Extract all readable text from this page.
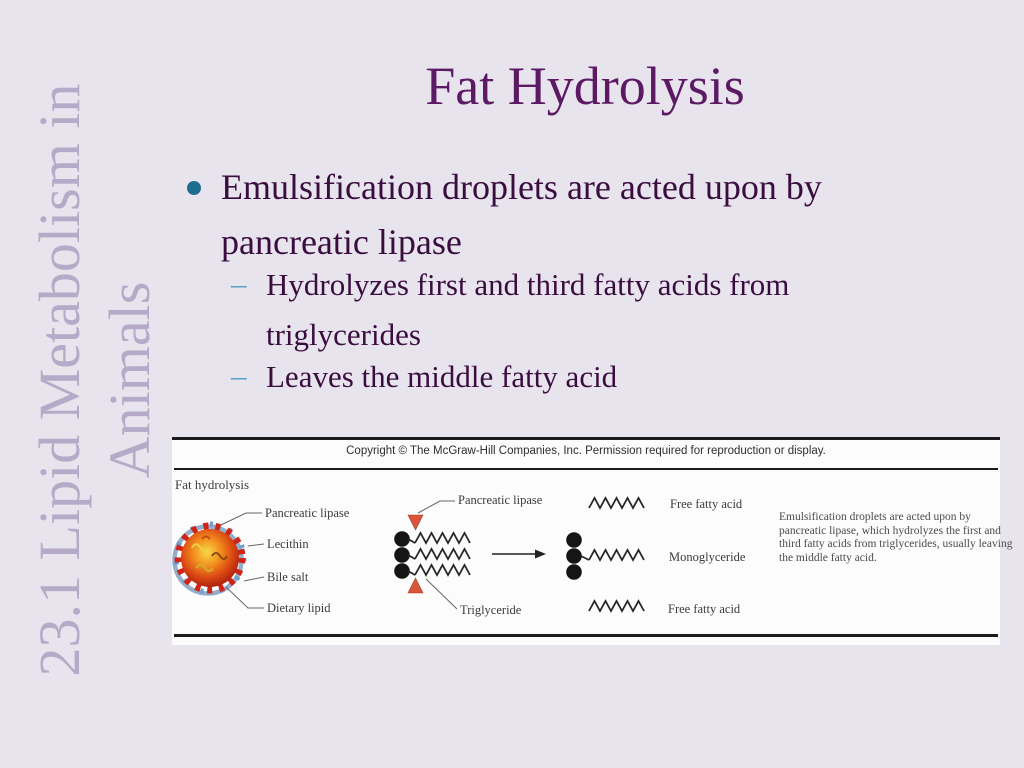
23.1 Lipid Metabolism in Animals
Fat Hydrolysis
Emulsification droplets are acted upon by pancreatic lipase
– Hydrolyzes first and third fatty acids from triglycerides
– Leaves the middle fatty acid
Copyright © The McGraw-Hill Companies, Inc. Permission required for reproduction or display.
Fat hydrolysis
Pancreatic lipase
Lecithin
Bile salt
Dietary lipid
Pancreatic lipase
Triglyceride
Free fatty acid
Monoglyceride
Free fatty acid
Emulsification droplets are acted upon by pancreatic lipase, which hydrolyzes the first and third fatty acids from triglycerides, usually leaving the middle fatty acid.
